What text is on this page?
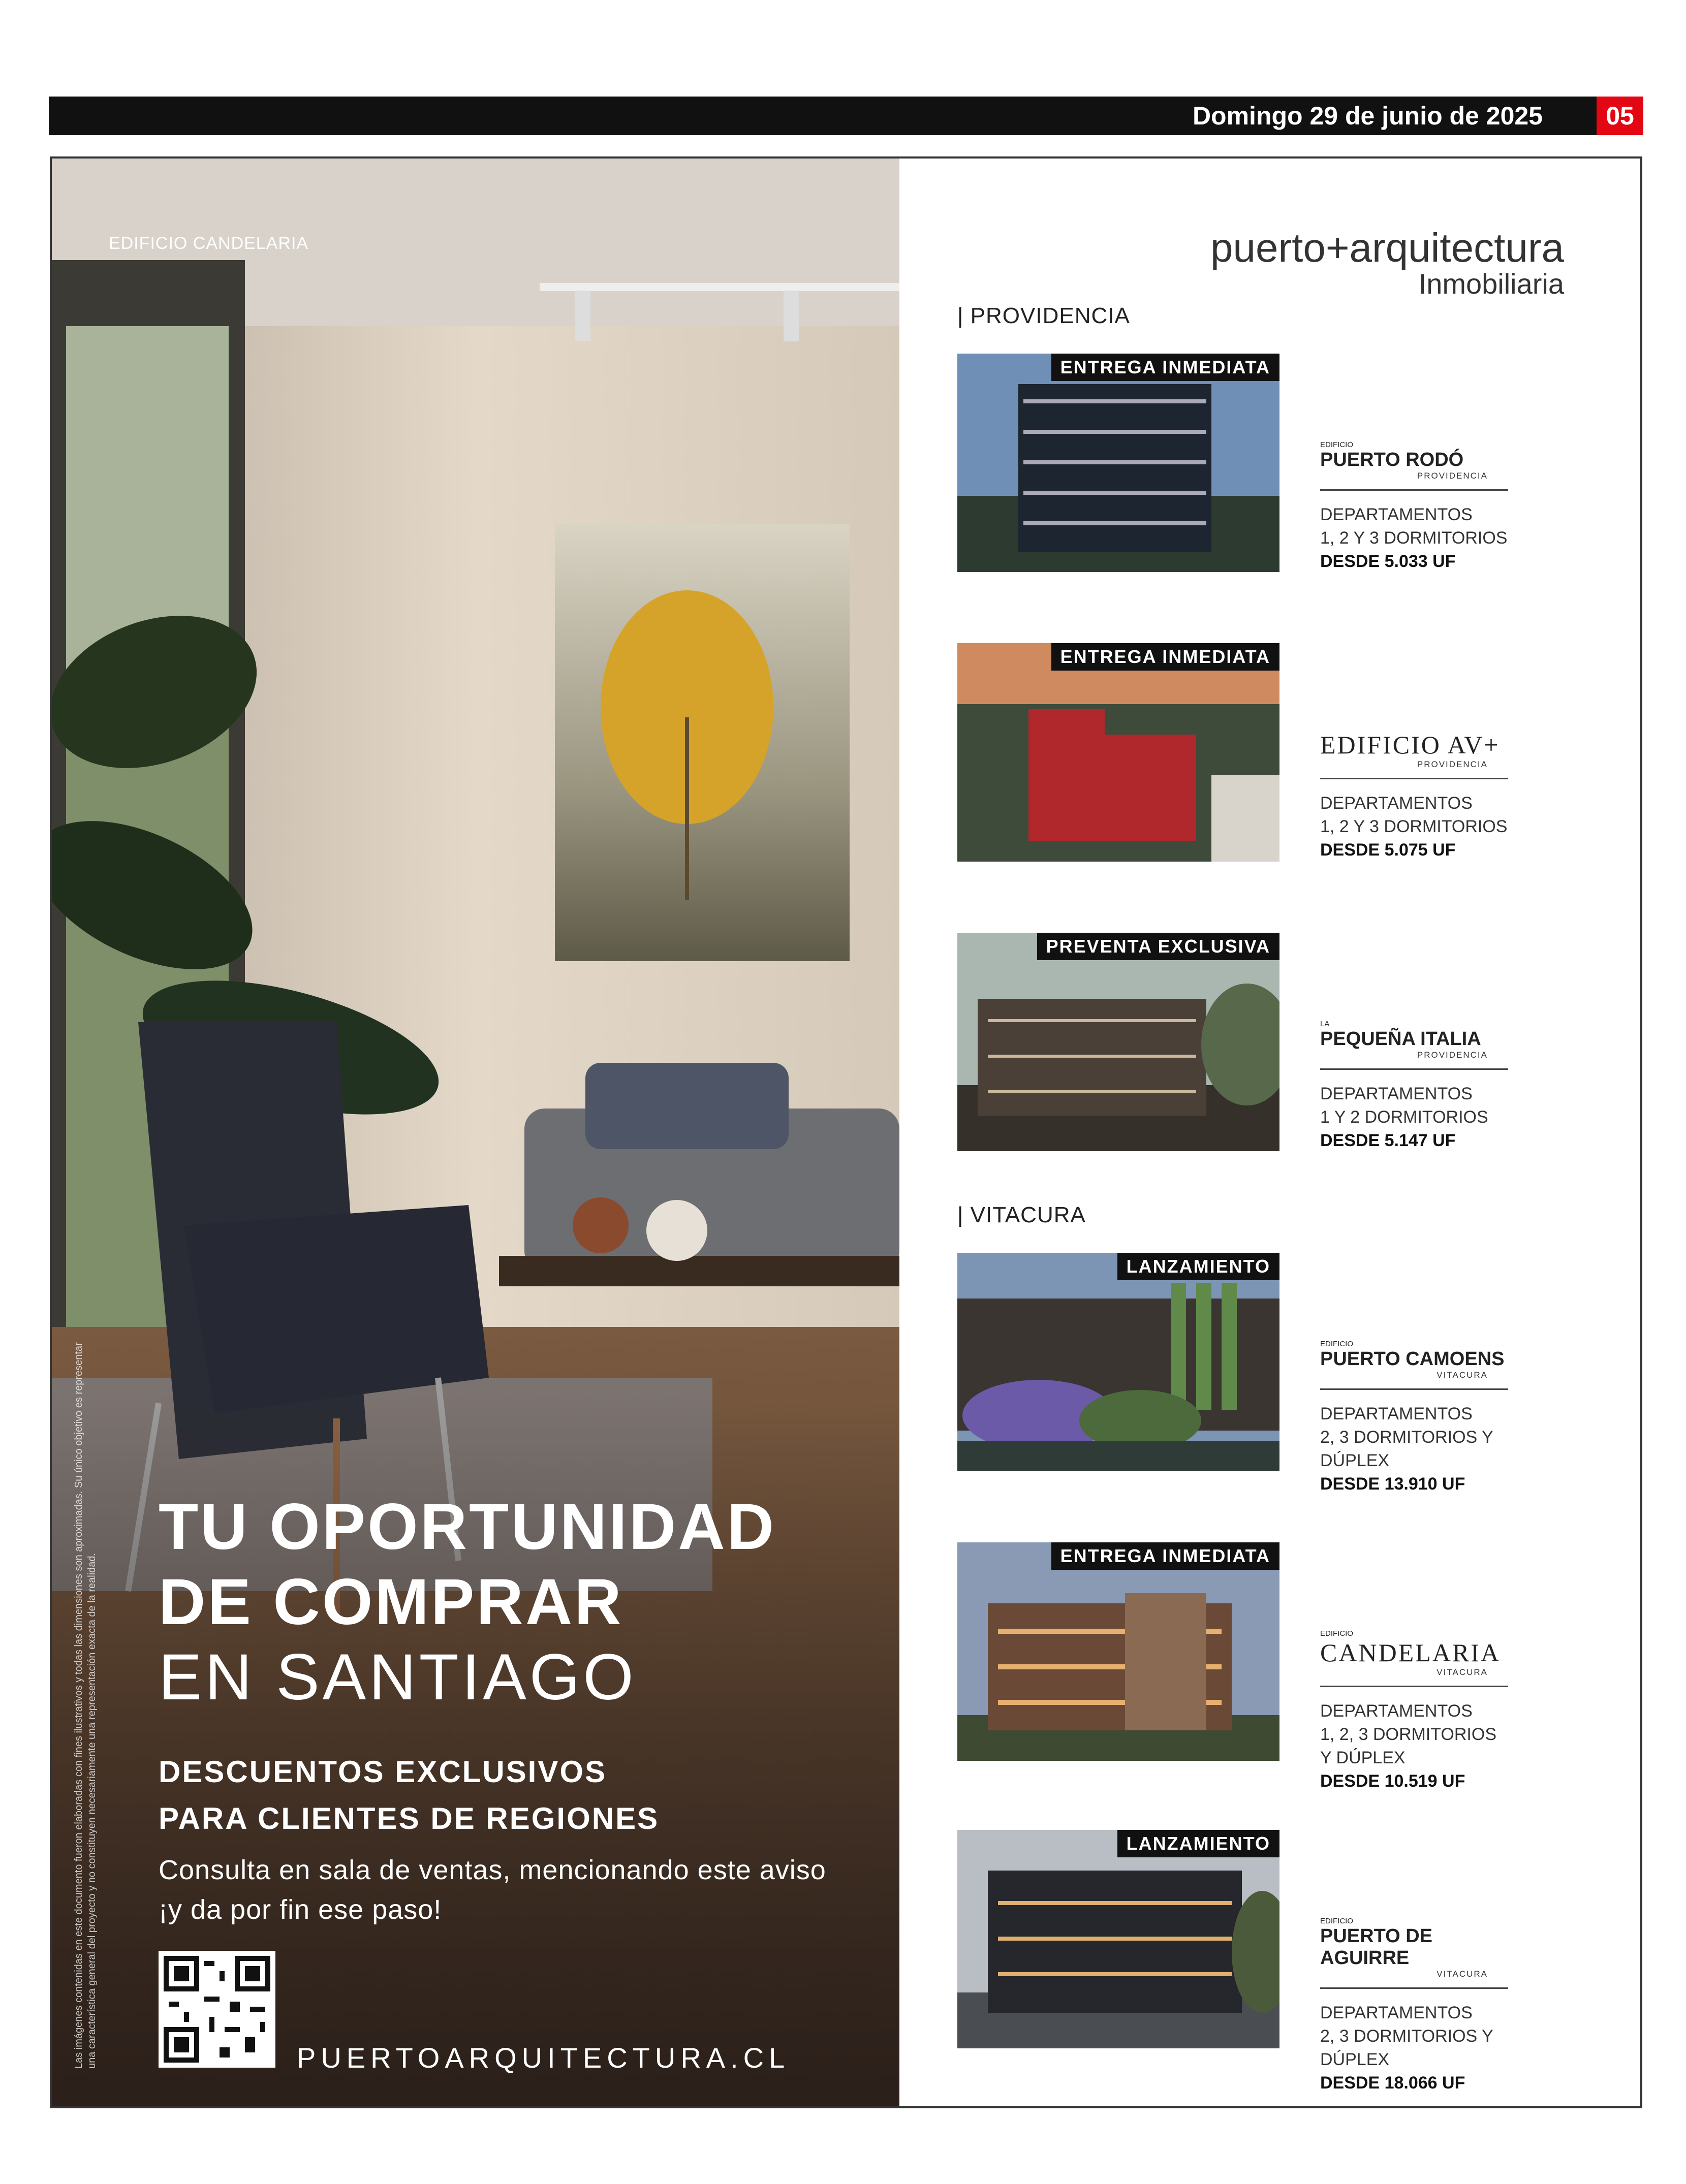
Domingo 29 de junio de 2025	05
EDIFICIO CANDELARIA
TU OPORTUNIDAD
DE COMPRAR
EN SANTIAGO
DESCUENTOS EXCLUSIVOS
PARA CLIENTES DE REGIONES
Consulta en sala de ventas, mencionando este aviso
¡y da por fin ese paso!
PUERTOARQUITECTURA.CL
Las imágenes contenidas en este documento fueron elaboradas con fines ilustrativos y todas las dimensiones son aproximadas. Su único objetivo es representar una característica general del proyecto y no constituyen necesariamente una representación exacta de la realidad.
puerto+arquitectura
Inmobiliaria
| PROVIDENCIA
| VITACURA
ENTREGA INMEDIATA
EDIFICIO
PUERTO RODÓ
PROVIDENCIA
DEPARTAMENTOS
1, 2 Y 3 DORMITORIOS
DESDE 5.033 UF
ENTREGA INMEDIATA
EDIFICIO AV+
PROVIDENCIA
DEPARTAMENTOS
1, 2 Y 3 DORMITORIOS
DESDE 5.075 UF
PREVENTA EXCLUSIVA
LA
PEQUEÑA ITALIA
PROVIDENCIA
DEPARTAMENTOS
1 Y 2 DORMITORIOS
DESDE 5.147 UF
LANZAMIENTO
EDIFICIO
PUERTO CAMOENS
VITACURA
DEPARTAMENTOS
2, 3 DORMITORIOS Y DÚPLEX
DESDE 13.910 UF
ENTREGA INMEDIATA
EDIFICIO
CANDELARIA
VITACURA
DEPARTAMENTOS
1, 2, 3 DORMITORIOS Y DÚPLEX
DESDE 10.519 UF
LANZAMIENTO
EDIFICIO
PUERTO DE AGUIRRE
VITACURA
DEPARTAMENTOS
2, 3 DORMITORIOS Y DÚPLEX
DESDE 18.066 UF
